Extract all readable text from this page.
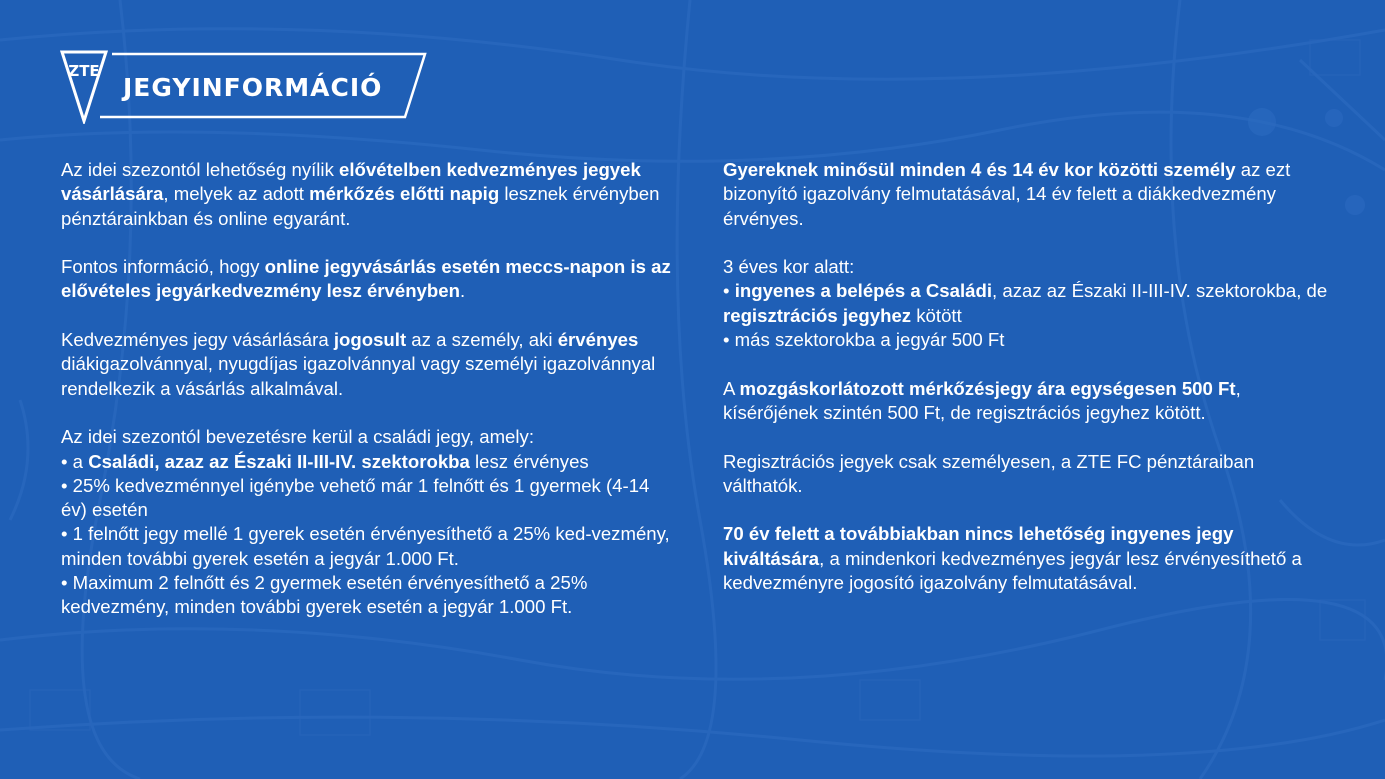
ZTE
JEGYINFORMÁCIÓ

Az idei szezontól lehetőség nyílik elővételben kedvezményes jegyek vásárlására, melyek az adott mérkőzés előtti napig lesznek érvényben pénztárainkban és online egyaránt.

Fontos információ, hogy online jegyvásárlás esetén meccs-napon is az elővételes jegyárkedvezmény lesz érvényben.

Kedvezményes jegy vásárlására jogosult az a személy, aki érvényes diákigazolvánnyal, nyugdíjas igazolvánnyal vagy személyi igazolvánnyal rendelkezik a vásárlás alkalmával.

Az idei szezontól bevezetésre kerül a családi jegy, amely:
• a Családi, azaz az Északi II-III-IV. szektorokba lesz érvényes
• 25% kedvezménnyel igénybe vehető már 1 felnőtt és 1 gyermek (4-14 év) esetén
• 1 felnőtt jegy mellé 1 gyerek esetén érvényesíthető a 25% ked-vezmény, minden további gyerek esetén a jegyár 1.000 Ft.
• Maximum 2 felnőtt és 2 gyermek esetén érvényesíthető a 25% kedvezmény, minden további gyerek esetén a jegyár 1.000 Ft.

Gyereknek minősül minden 4 és 14 év kor közötti személy az ezt bizonyító igazolvány felmutatásával, 14 év felett a diákkedvezmény érvényes.

3 éves kor alatt:
• ingyenes a belépés a Családi, azaz az Északi II-III-IV. szektorokba, de regisztrációs jegyhez kötött
• más szektorokba a jegyár 500 Ft

A mozgáskorlátozott mérkőzésjegy ára egységesen 500 Ft, kísérőjének szintén 500 Ft, de regisztrációs jegyhez kötött.

Regisztrációs jegyek csak személyesen, a ZTE FC pénztáraiban válthatók.

70 év felett a továbbiakban nincs lehetőség ingyenes jegy kiváltására, a mindenkori kedvezményes jegyár lesz érvényesíthető a kedvezményre jogosító igazolvány felmutatásával.
